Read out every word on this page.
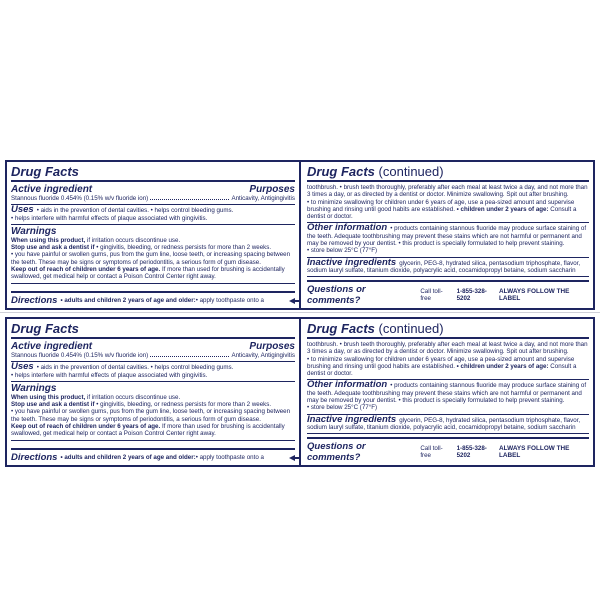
Drug Facts
Active ingredient	Purposes
Stannous fluoride 0.454% (0.15% w/v fluoride ion)	Anticavity, Antigingivitis
Uses • aids in the prevention of dental cavities. • helps control bleeding gums.
• helps interfere with harmful effects of plaque associated with gingivitis.
Warnings
When using this product, if irritation occurs discontinue use.
Stop use and ask a dentist if • gingivitis, bleeding, or redness persists for more than 2 weeks.
• you have painful or swollen gums, pus from the gum line, loose teeth, or increasing spacing between the teeth. These may be signs or symptoms of periodontitis, a serious form of gum disease.
Keep out of reach of children under 6 years of age. If more than used for brushing is accidentally swallowed, get medical help or contact a Poison Control Center right away.
Directions • adults and children 2 years of age and older: • apply toothpaste onto a
Drug Facts (continued)
toothbrush. • brush teeth thoroughly, preferably after each meal at least twice a day, and not more than 3 times a day, or as directed by a dentist or doctor. Minimize swallowing. Spit out after brushing.
• to minimize swallowing for children under 6 years of age, use a pea-sized amount and supervise brushing and rinsing until good habits are established. • children under 2 years of age: Consult a dentist or doctor.
Other information • products containing stannous fluoride may produce surface staining of the teeth. Adequate toothbrushing may prevent these stains which are not harmful or permanent and may be removed by your dentist. • this product is specially formulated to help prevent staining.
• store below 25°C (77°F)
Inactive ingredients glycerin, PEG-8, hydrated silica, pentasodium triphosphate, flavor, sodium lauryl sulfate, titanium dioxide, polyacrylic acid, cocamidopropyl betaine, sodium saccharin
Questions or comments?
Call toll-free

1-855-328-5202
ALWAYS FOLLOW THE LABEL
Drug Facts
Active ingredient	Purposes
Stannous fluoride 0.454% (0.15% w/v fluoride ion)	Anticavity, Antigingivitis
Uses • aids in the prevention of dental cavities. • helps control bleeding gums.
• helps interfere with harmful effects of plaque associated with gingivitis.
Warnings
When using this product, if irritation occurs discontinue use.
Stop use and ask a dentist if • gingivitis, bleeding, or redness persists for more than 2 weeks.
• you have painful or swollen gums, pus from the gum line, loose teeth, or increasing spacing between the teeth. These may be signs or symptoms of periodontitis, a serious form of gum disease.
Keep out of reach of children under 6 years of age. If more than used for brushing is accidentally swallowed, get medical help or contact a Poison Control Center right away.
Directions • adults and children 2 years of age and older: • apply toothpaste onto a
Drug Facts (continued)
toothbrush. • brush teeth thoroughly, preferably after each meal at least twice a day, and not more than 3 times a day, or as directed by a dentist or doctor. Minimize swallowing. Spit out after brushing.
• to minimize swallowing for children under 6 years of age, use a pea-sized amount and supervise brushing and rinsing until good habits are established. • children under 2 years of age: Consult a dentist or doctor.
Other information • products containing stannous fluoride may produce surface staining of the teeth. Adequate toothbrushing may prevent these stains which are not harmful or permanent and may be removed by your dentist. • this product is specially formulated to help prevent staining.
• store below 25°C (77°F)
Inactive ingredients glycerin, PEG-8, hydrated silica, pentasodium triphosphate, flavor, sodium lauryl sulfate, titanium dioxide, polyacrylic acid, cocamidopropyl betaine, sodium saccharin
Questions or comments?
Call toll-free

1-855-328-5202
ALWAYS FOLLOW THE LABEL
